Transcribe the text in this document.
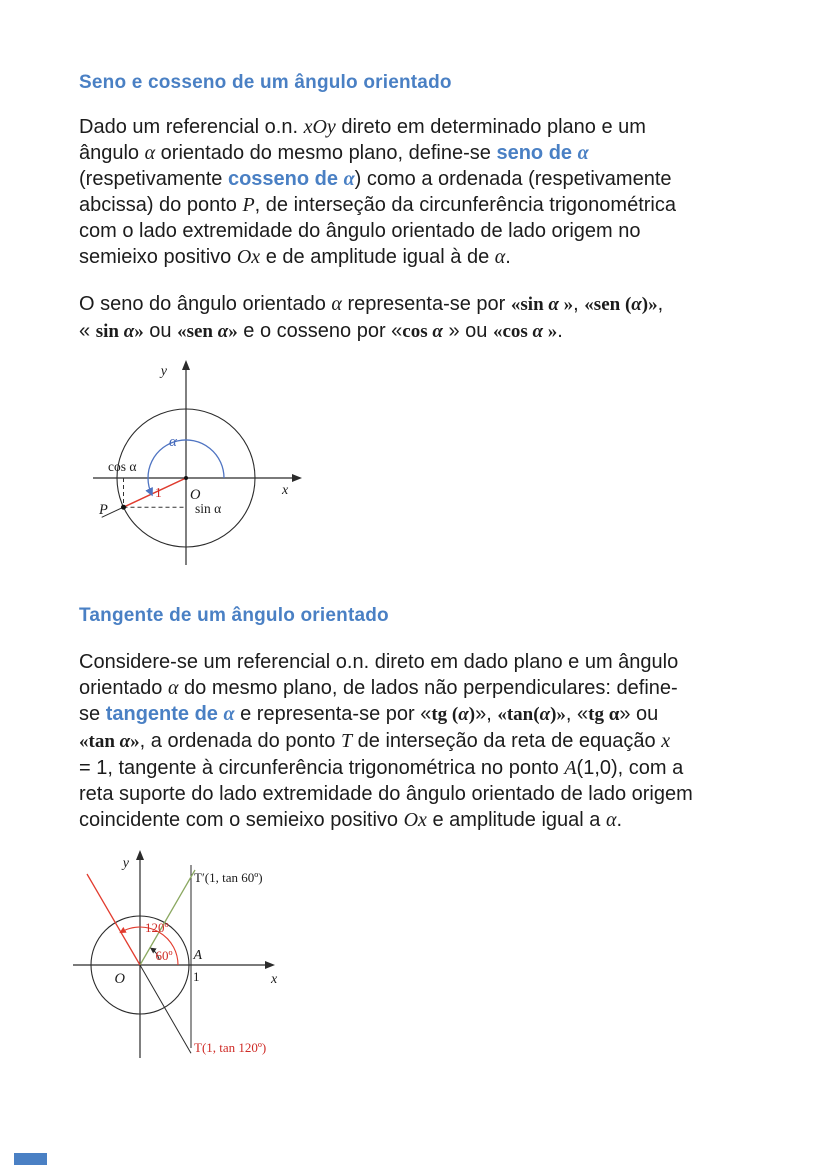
Seno e cosseno de um ângulo orientado
Dado um referencial o.n. xOy direto em determinado plano e um
ângulo α orientado do mesmo plano, define-se seno de α
(respetivamente cosseno de α) como a ordenada (respetivamente
abcissa) do ponto P, de interseção da circunferência trigonométrica
com o lado extremidade do ângulo orientado de lado origem no
semieixo positivo Ox e de amplitude igual à de α.
O seno do ângulo orientado α representa-se por «sin α », «sen (α)»,
« sin α» ou «sen α» e o cosseno por «cos α » ou «cos α ».
y
x
α
cos α
sin α
1 O
P
Tangente de um ângulo orientado
Considere-se um referencial o.n. direto em dado plano e um ângulo
orientado α do mesmo plano, de lados não perpendiculares: define-
se tangente de α e representa-se por «tg (α)», «tan(α)», «tg α» ou
«tan α», a ordenada do ponto T de interseção da reta de equação x
= 1, tangente à circunferência trigonométrica no ponto A(1,0), com a
reta suporte do lado extremidade do ângulo orientado de lado origem
coincidente com o semieixo positivo Ox e amplitude igual a α.
y
x
O
A
1
120º
60º
T′(1, tan 60º)
T(1, tan 120º)
